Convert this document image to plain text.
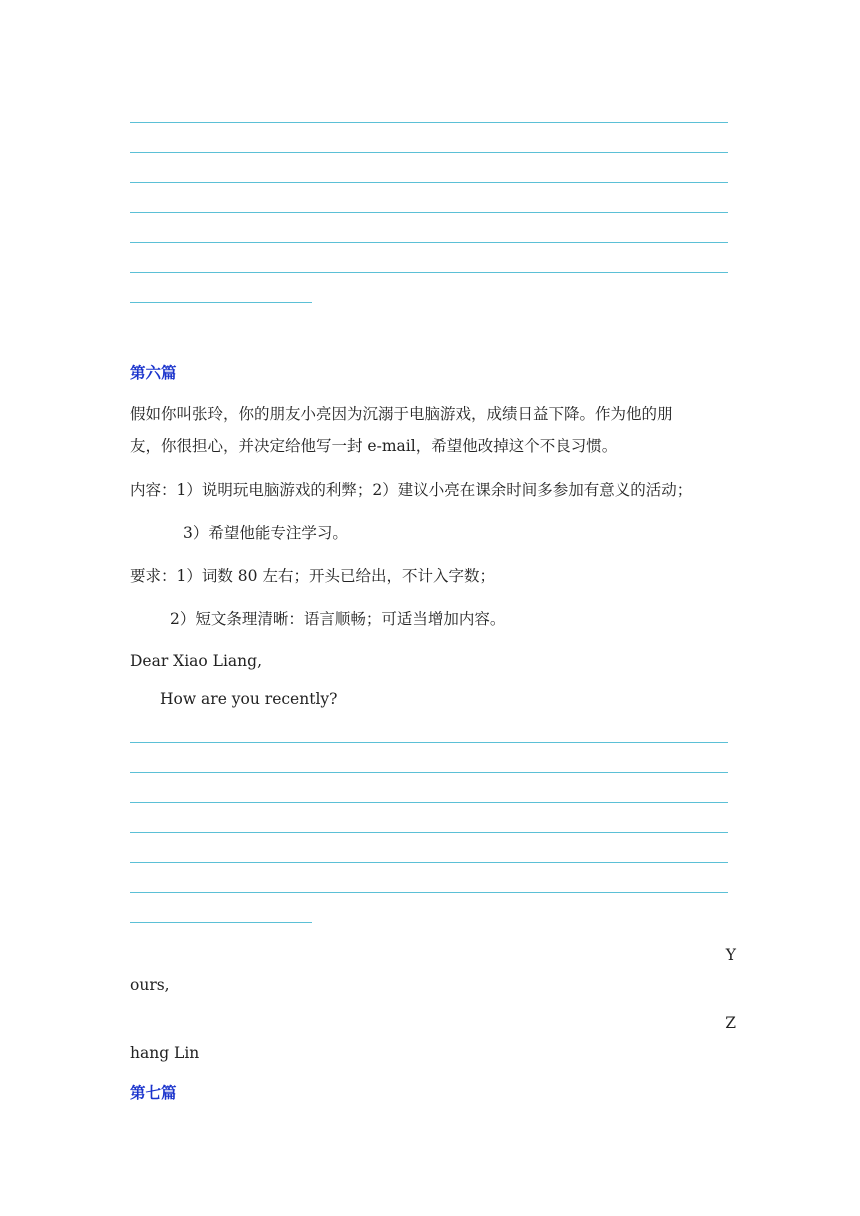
第六篇
假如你叫张玲，你的朋友小亮因为沉溺于电脑游戏，成绩日益下降。作为他的朋
友，你很担心，并决定给他写一封 e-mail，希望他改掉这个不良习惯。
内容：1）说明玩电脑游戏的利弊；2）建议小亮在课余时间多参加有意义的活动；
3）希望他能专注学习。
要求：1）词数 80 左右；开头已给出，不计入字数；
2）短文条理清晰：语言顺畅；可适当增加内容。
Dear Xiao Liang,
How are you recently?
Y
ours,
Z
hang Lin
第七篇
